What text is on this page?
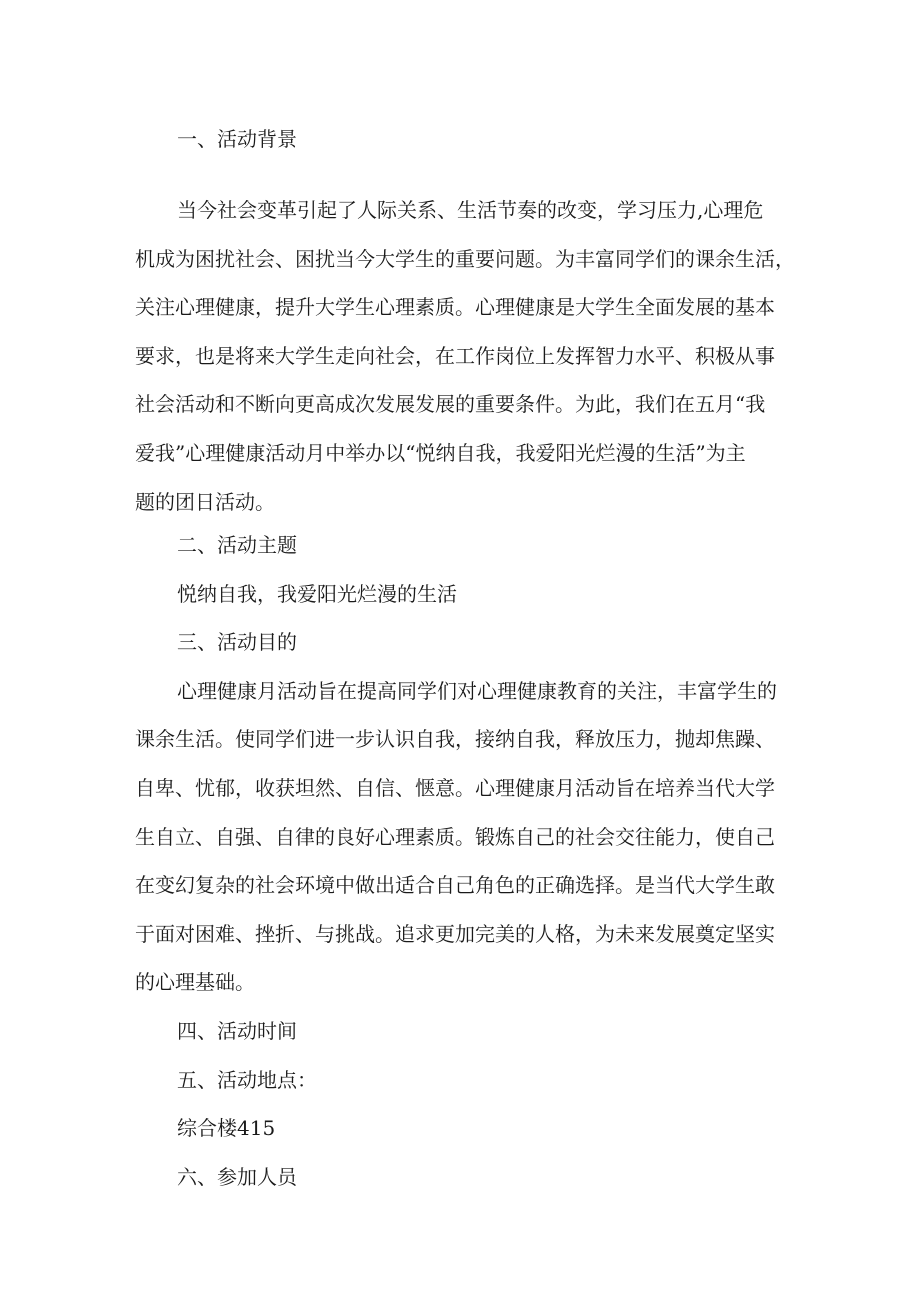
一、活动背景
当今社会变革引起了人际关系、生活节奏的改变，学习压力,心理危
机成为困扰社会、困扰当今大学生的重要问题。为丰富同学们的课余生活，
关注心理健康，提升大学生心理素质。心理健康是大学生全面发展的基本
要求，也是将来大学生走向社会，在工作岗位上发挥智力水平、积极从事
社会活动和不断向更高成次发展发展的重要条件。为此，我们在五月“我
爱我”心理健康活动月中举办以“悦纳自我，我爱阳光烂漫的生活”为主
题的团日活动。

二、活动主题

悦纳自我，我爱阳光烂漫的生活

三、活动目的

心理健康月活动旨在提高同学们对心理健康教育的关注，丰富学生的
课余生活。使同学们进一步认识自我，接纳自我，释放压力，抛却焦躁、
自卑、忧郁，收获坦然、自信、惬意。心理健康月活动旨在培养当代大学
生自立、自强、自律的良好心理素质。锻炼自己的社会交往能力，使自己
在变幻复杂的社会环境中做出适合自己角色的正确选择。是当代大学生敢
于面对困难、挫折、与挑战。追求更加完美的人格，为未来发展奠定坚实
的心理基础。

四、活动时间

五、活动地点：

综合楼415

六、参加人员
